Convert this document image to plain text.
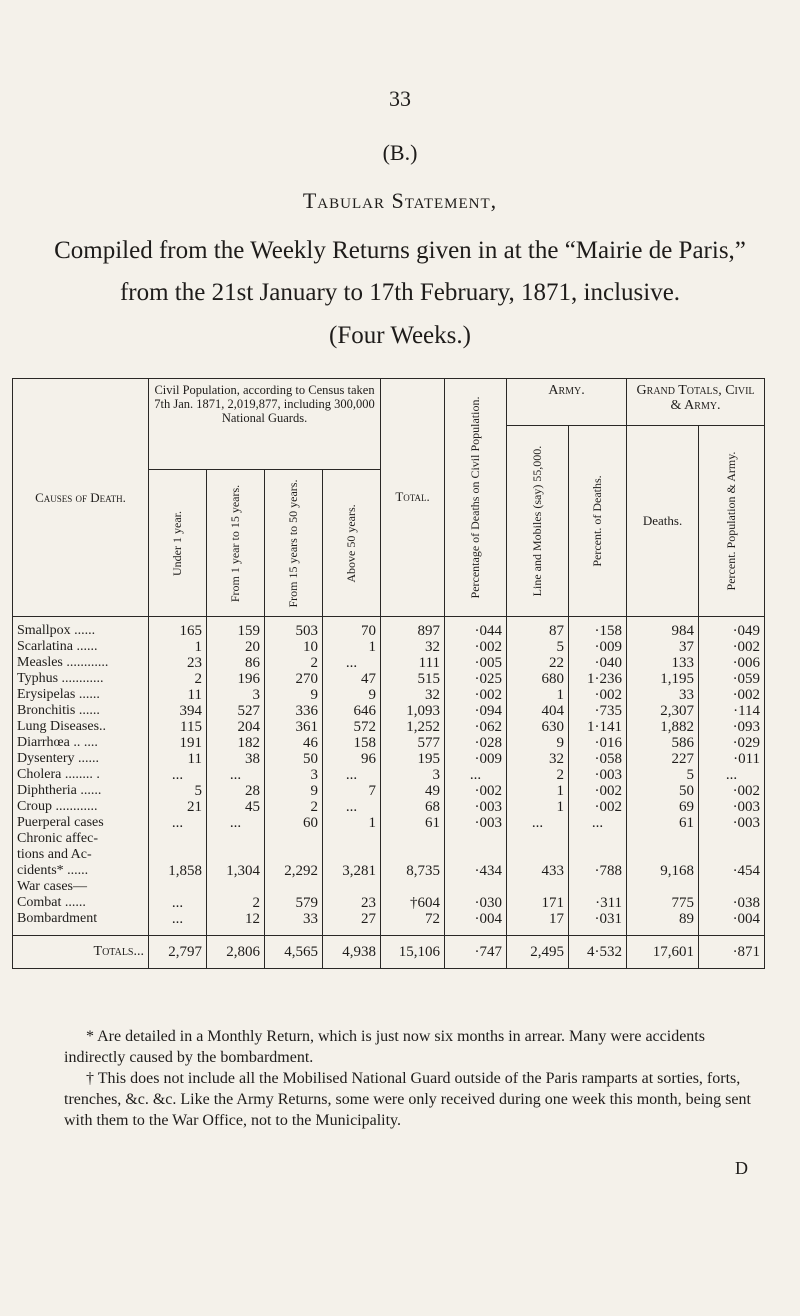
33
(B.)
Tabular Statement,
Compiled from the Weekly Returns given in at the “Mairie de Paris,”
from the 21st January to 17th February, 1871, inclusive.
(Four Weeks.)
Causes of Death.	Civil Population, according to Census taken 7th Jan. 1871, 2,019,877, including 300,000 National Guards.				Total.	Percentage of Deaths on Civil Population.	Army.		Grand Totals, Civil & Army.	

							Line and Mobiles (say) 55,000.	Percent. of Deaths.	Deaths.	Percent. Population & Army.

	Under 1 year.	From 1 year to 15 years.	From 15 years to 50 years.	Above 50 years.						

Smallpox ......	165	159	503	70	897	·044	87	·158	984	·049
Scarlatina ......	1	20	10	1	32	·002	5	·009	37	·002
Measles ............	23	86	2	...	111	·005	22	·040	133	·006
Typhus ............	2	196	270	47	515	·025	680	1·236	1,195	·059
Erysipelas ......	11	3	9	9	32	·002	1	·002	33	·002
Bronchitis ......	394	527	336	646	1,093	·094	404	·735	2,307	·114
Lung Diseases..	115	204	361	572	1,252	·062	630	1·141	1,882	·093
Diarrhœa .. ....	191	182	46	158	577	·028	9	·016	586	·029
Dysentery ......	11	38	50	96	195	·009	32	·058	227	·011
Cholera ........ .	...	...	3	...	3	...	2	·003	5	...
Diphtheria ......	5	28	9	7	49	·002	1	·002	50	·002
Croup ............	21	45	2	...	68	·003	1	·002	69	·003
Puerperal cases	...	...	60	1	61	·003	...	...	61	·003
Chronic affec-										
tions and Ac-										
cidents* ......	1,858	1,304	2,292	3,281	8,735	·434	433	·788	9,168	·454
War cases—										
Combat ......	...	2	579	23	†604	·030	171	·311	775	·038
Bombardment	...	12	33	27	72	·004	17	·031	89	·004

Totals...	2,797	2,806	4,565	4,938	15,106	·747	2,495	4·532	17,601	·871

* Are detailed in a Monthly Return, which is just now six months in arrear. Many were accidents indirectly caused by the bombardment.

† This does not include all the Mobilised National Guard outside of the Paris ramparts at sorties, forts, trenches, &c. &c. Like the Army Returns, some were only received during one week this month, being sent with them to the War Office, not to the Municipality.

D
